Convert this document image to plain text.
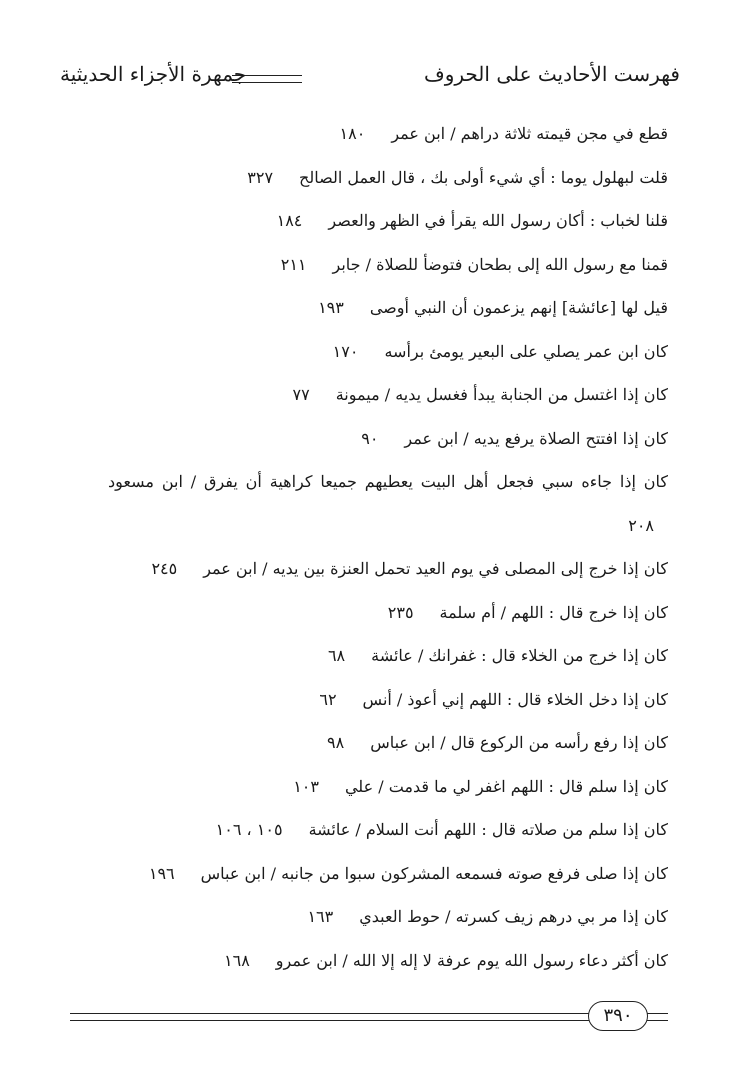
فهرست الأحاديث على الحروف
جمهرة الأجزاء الحديثية
قطع في مجن قيمته ثلاثة دراهم / ابن عمر
١٨٠
قلت لبهلول يوما : أي شيء أولى بك ، قال العمل الصالح
٣٢٧
قلنا لخباب : أكان رسول الله يقرأ في الظهر والعصر
١٨٤
قمنا مع رسول الله إلى بطحان فتوضأ للصلاة / جابر
٢١١
قيل لها [عائشة] إنهم يزعمون أن النبي أوصى
١٩٣
كان ابن عمر يصلي على البعير يومئ برأسه
١٧٠
كان إذا اغتسل من الجنابة يبدأ فغسل يديه / ميمونة
٧٧
كان إذا افتتح الصلاة يرفع يديه / ابن عمر
٩٠
كان إذا جاءه سبي فجعل أهل البيت يعطيهم جميعا كراهية أن يفرق / ابن مسعود ٢٠٨
كان إذا خرج إلى المصلى في يوم العيد تحمل العنزة بين يديه / ابن عمر
٢٤٥
كان إذا خرج قال : اللهم / أم سلمة
٢٣٥
كان إذا خرج من الخلاء قال : غفرانك / عائشة
٦٨
كان إذا دخل الخلاء قال : اللهم إني أعوذ / أنس
٦٢
كان إذا رفع رأسه من الركوع قال / ابن عباس
٩٨
كان إذا سلم قال : اللهم اغفر لي ما قدمت / علي
١٠٣
كان إذا سلم من صلاته قال : اللهم أنت السلام / عائشة
١٠٥ ، ١٠٦
كان إذا صلى فرفع صوته فسمعه المشركون سبوا من جانبه / ابن عباس
١٩٦
كان إذا مر بي درهم زيف كسرته / حوط العبدي
١٦٣
كان أكثر دعاء رسول الله يوم عرفة لا إله إلا الله / ابن عمرو
١٦٨
٣٩٠
